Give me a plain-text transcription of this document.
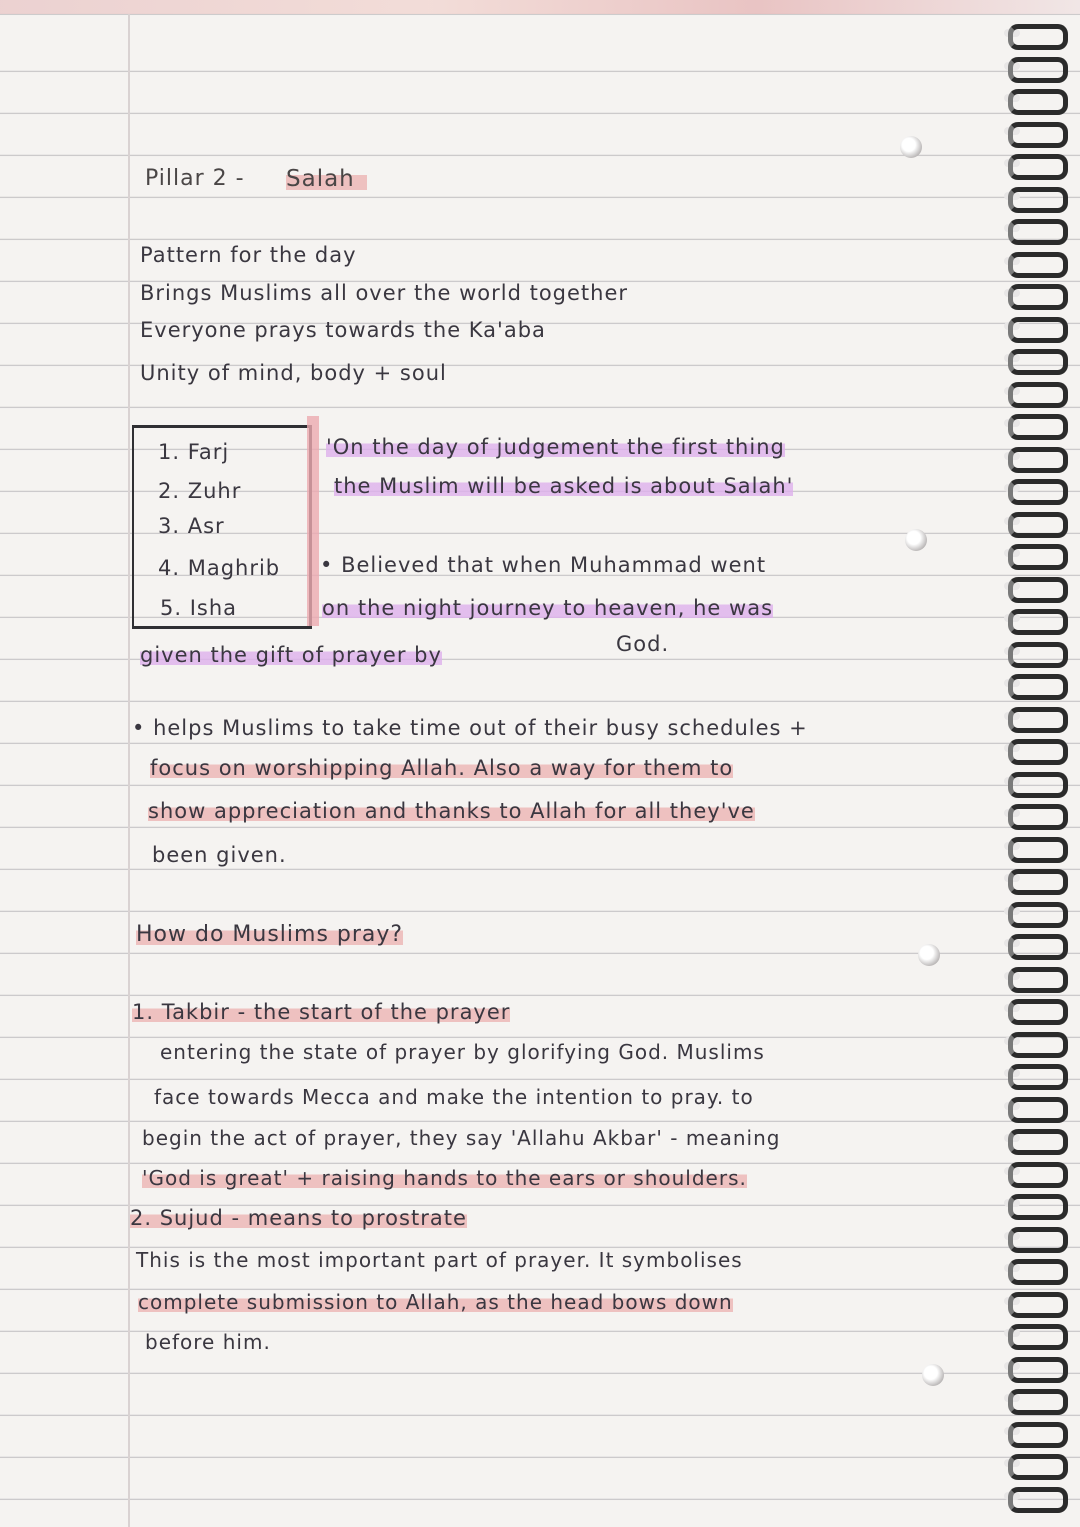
Pillar 2 - Salah
Pattern for the day
Brings Muslims all over the world together
Everyone prays towards the Ka'aba
Unity of mind, body + soul
1. Farj
2. Zuhr
3. Asr
4. Maghrib
5. Isha
'On the day of judgement the first thing
the Muslim will be asked is about Salah'
• Believed that when Muhammad went
on the night journey to heaven, he was
given the gift of prayer by	God.
• helps Muslims to take time out of their busy schedules +
focus on worshipping Allah. Also a way for them to
show appreciation and thanks to Allah for all they've
been given.
How do Muslims pray?
1. Takbir - the start of the prayer
entering the state of prayer by glorifying God. Muslims
face towards Mecca and make the intention to pray. to
begin the act of prayer, they say 'Allahu Akbar' - meaning
'God is great' + raising hands to the ears or shoulders.
2. Sujud - means to prostrate
This is the most important part of prayer. It symbolises
complete submission to Allah, as the head bows down
before him.
